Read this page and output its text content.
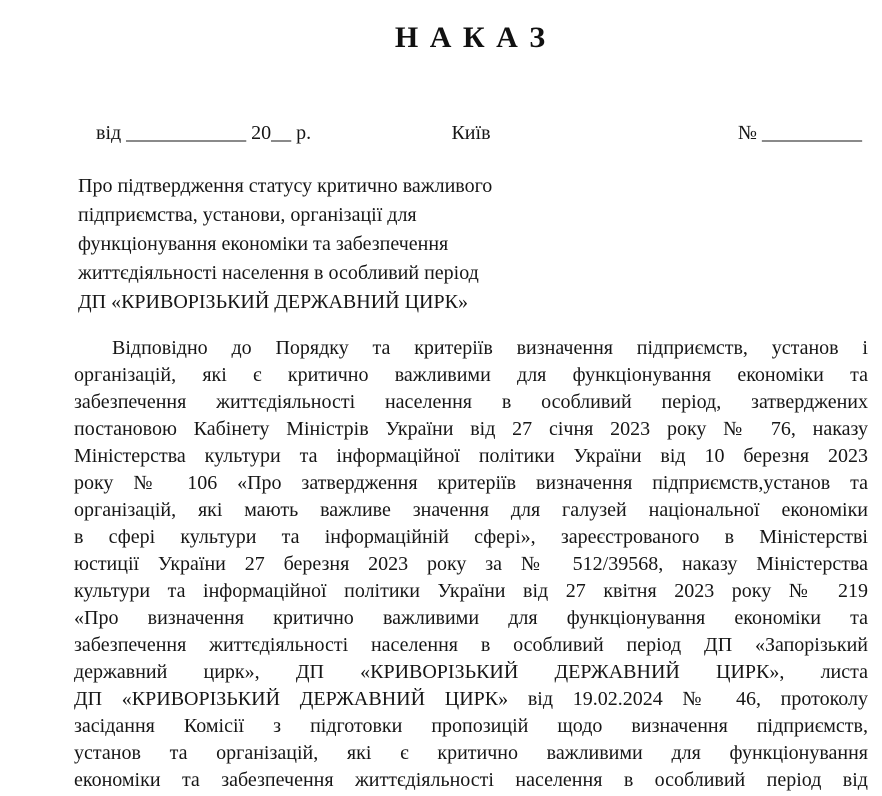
Н А К А З
від ____________ 20__ р.	Київ	№ __________
Про підтвердження статусу критично важливого
підприємства, установи, організації для
функціонування економіки та забезпечення
життєдіяльності населення в особливий період
ДП «КРИВОРІЗЬКИЙ ДЕРЖАВНИЙ ЦИРК»
Відповідно до Порядку та критеріїв визначення підприємств, установ і
організацій, які є критично важливими для функціонування економіки та
забезпечення життєдіяльності населення в особливий період, затверджених
постановою Кабінету Міністрів України від 27 січня 2023 року № 76, наказу
Міністерства культури та інформаційної політики України від 10 березня 2023
року № 106 «Про затвердження критеріїв визначення підприємств,установ та
організацій, які мають важливе значення для галузей національної економіки
в сфері культури та інформаційній сфері», зареєстрованого в Міністерстві
юстиції України 27 березня 2023 року за № 512/39568, наказу Міністерства
культури та інформаційної політики України від 27 квітня 2023 року № 219
«Про визначення критично важливими для функціонування економіки та
забезпечення життєдіяльності населення в особливий період ДП «Запорізький
державний цирк», ДП «КРИВОРІЗЬКИЙ ДЕРЖАВНИЙ ЦИРК», листа
ДП «КРИВОРІЗЬКИЙ ДЕРЖАВНИЙ ЦИРК» від 19.02.2024 № 46, протоколу
засідання Комісії з підготовки пропозицій щодо визначення підприємств,
установ та організацій, які є критично важливими для функціонування
економіки та забезпечення життєдіяльності населення в особливий період від
